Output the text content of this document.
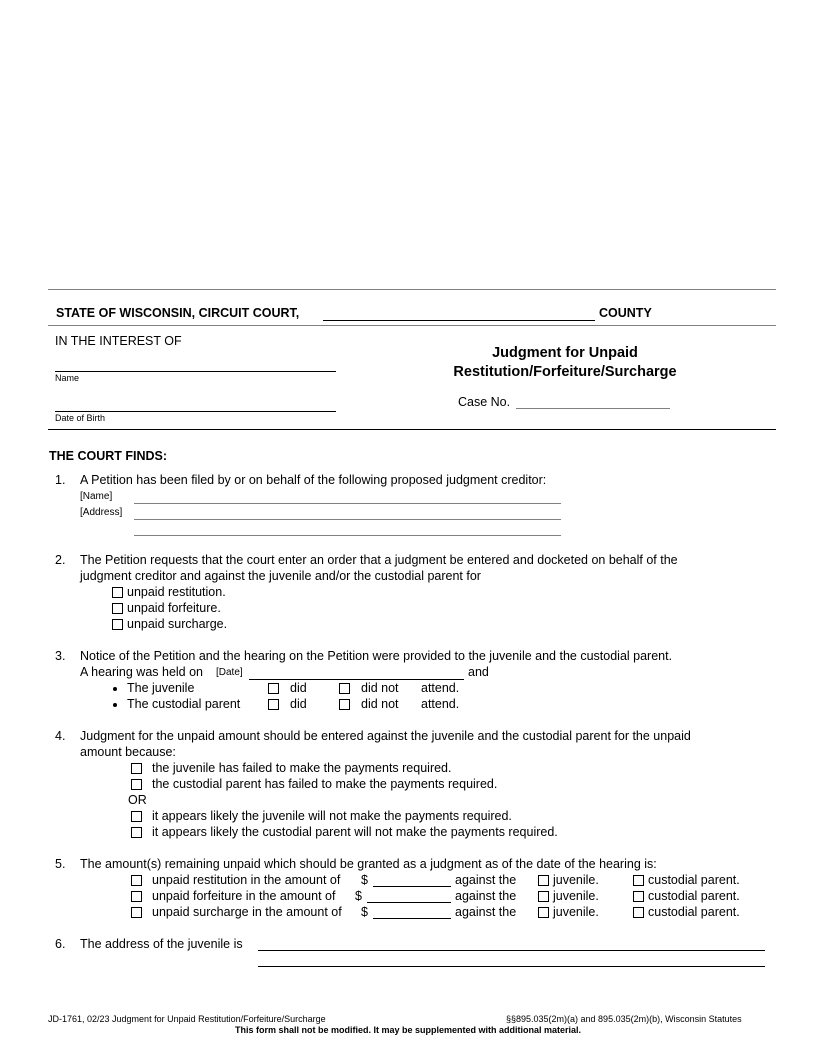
STATE OF WISCONSIN, CIRCUIT COURT,	COUNTY
IN THE INTEREST OF
Name
Date of Birth
Judgment for Unpaid
Restitution/Forfeiture/Surcharge
Case No.
THE COURT FINDS:
1. A Petition has been filed by or on behalf of the following proposed judgment creditor:
[Name]
[Address]
2. The Petition requests that the court enter an order that a judgment be entered and docketed on behalf of the
judgment creditor and against the juvenile and/or the custodial parent for
unpaid restitution.
unpaid forfeiture.
unpaid surcharge.
3. Notice of the Petition and the hearing on the Petition were provided to the juvenile and the custodial parent.
A hearing was held on [Date]	and
The juvenile	did	did not attend.
The custodial parent	did	did not attend.
4. Judgment for the unpaid amount should be entered against the juvenile and the custodial parent for the unpaid
amount because:
the juvenile has failed to make the payments required.
the custodial parent has failed to make the payments required.
OR
it appears likely the juvenile will not make the payments required.
it appears likely the custodial parent will not make the payments required.
5. The amount(s) remaining unpaid which should be granted as a judgment as of the date of the hearing is:
unpaid restitution in the amount of $	against the	juvenile.	custodial parent.
unpaid forfeiture in the amount of $	against the	juvenile.	custodial parent.
unpaid surcharge in the amount of $	against the	juvenile.	custodial parent.
6. The address of the juvenile is
JD-1761, 02/23 Judgment for Unpaid Restitution/Forfeiture/Surcharge	§§895.035(2m)(a) and 895.035(2m)(b), Wisconsin Statutes
This form shall not be modified. It may be supplemented with additional material.
